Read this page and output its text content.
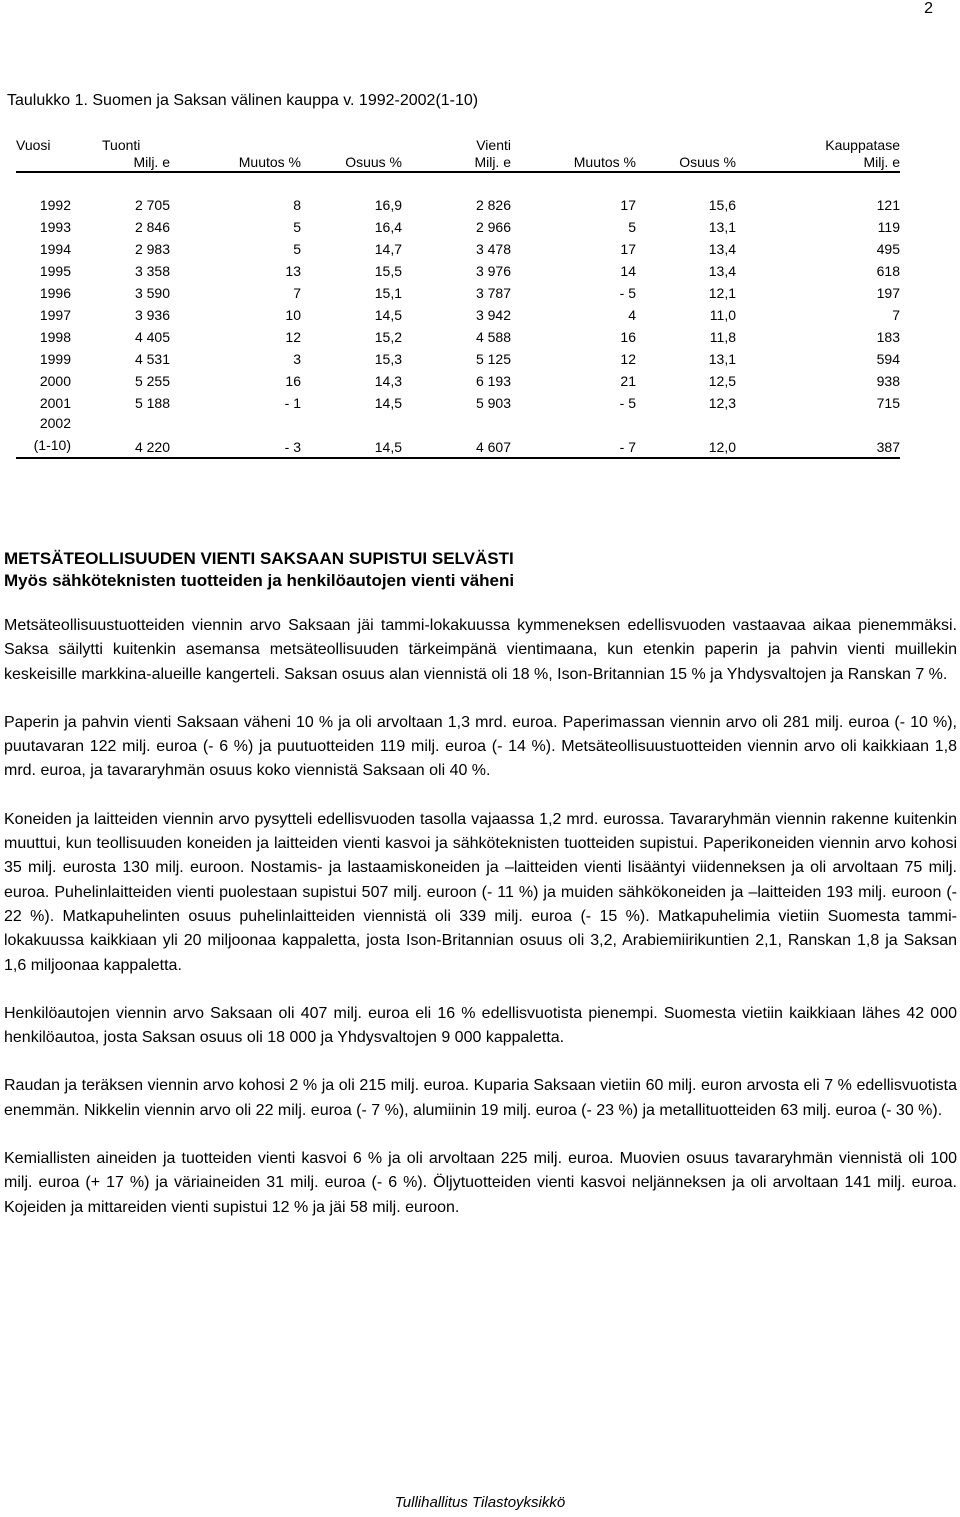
2
Taulukko 1. Suomen ja Saksan välinen kauppa v. 1992-2002(1-10)
Vuosi	Tuonti			Vienti			Kauppatase
	Milj. e	Muutos %	Osuus %	Milj. e	Muutos %	Osuus %	Milj. e

1992	2 705	8	16,9	2 826	17	15,6	121
1993	2 846	5	16,4	2 966	5	13,1	119
1994	2 983	5	14,7	3 478	17	13,4	495
1995	3 358	13	15,5	3 976	14	13,4	618
1996	3 590	7	15,1	3 787	- 5	12,1	197
1997	3 936	10	14,5	3 942	4	11,0	7
1998	4 405	12	15,2	4 588	16	11,8	183
1999	4 531	3	15,3	5 125	12	13,1	594
2000	5 255	16	14,3	6 193	21	12,5	938
2001	5 188	- 1	14,5	5 903	- 5	12,3	715

2002
(1-10)	4 220	- 3	14,5	4 607	- 7	12,0	387
METSÄTEOLLISUUDEN VIENTI SAKSAAN SUPISTUI SELVÄSTI
Myös sähköteknisten tuotteiden ja henkilöautojen vienti väheni

Metsäteollisuustuotteiden viennin arvo Saksaan jäi tammi-lokakuussa kymmeneksen edellisvuoden vastaavaa aikaa pienemmäksi. Saksa säilytti kuitenkin asemansa metsäteollisuuden tärkeimpänä vientimaana, kun etenkin paperin ja pahvin vienti muillekin keskeisille markkina-alueille kangerteli. Saksan osuus alan viennistä oli 18 %, Ison-Britannian 15 % ja Yhdysvaltojen ja Ranskan 7 %.

Paperin ja pahvin vienti Saksaan väheni 10 % ja oli arvoltaan 1,3 mrd. euroa. Paperimassan viennin arvo oli 281 milj. euroa (- 10 %), puutavaran 122 milj. euroa (- 6 %) ja puutuotteiden 119 milj. euroa (- 14 %). Metsäteollisuustuotteiden viennin arvo oli kaikkiaan 1,8 mrd. euroa, ja tavararyhmän osuus koko viennistä Saksaan oli 40 %.

Koneiden ja laitteiden viennin arvo pysytteli edellisvuoden tasolla vajaassa 1,2 mrd. eurossa. Tavararyhmän viennin rakenne kuitenkin muuttui, kun teollisuuden koneiden ja laitteiden vienti kasvoi ja sähköteknisten tuotteiden supistui. Paperikoneiden viennin arvo kohosi 35 milj. eurosta 130 milj. euroon. Nostamis- ja lastaamiskoneiden ja –laitteiden vienti lisääntyi viidenneksen ja oli arvoltaan 75 milj. euroa. Puhelinlaitteiden vienti puolestaan supistui 507 milj. euroon (- 11 %) ja muiden sähkökoneiden ja –laitteiden 193 milj. euroon (- 22 %). Matkapuhelinten osuus puhelinlaitteiden viennistä oli 339 milj. euroa (- 15 %). Matkapuhelimia vietiin Suomesta tammi-lokakuussa kaikkiaan yli 20 miljoonaa kappaletta, josta Ison-Britannian osuus oli 3,2, Arabiemiirikuntien 2,1, Ranskan 1,8 ja Saksan 1,6 miljoonaa kappaletta.

Henkilöautojen viennin arvo Saksaan oli 407 milj. euroa eli 16 % edellisvuotista pienempi. Suomesta vietiin kaikkiaan lähes 42 000 henkilöautoa, josta Saksan osuus oli 18 000 ja Yhdysvaltojen 9 000 kappaletta.

Raudan ja teräksen viennin arvo kohosi 2 % ja oli 215 milj. euroa. Kuparia Saksaan vietiin 60 milj. euron arvosta eli 7 % edellisvuotista enemmän. Nikkelin viennin arvo oli 22 milj. euroa (- 7 %), alumiinin 19 milj. euroa (- 23 %) ja metallituotteiden 63 milj. euroa (- 30 %).

Kemiallisten aineiden ja tuotteiden vienti kasvoi 6 % ja oli arvoltaan 225 milj. euroa. Muovien osuus tavararyhmän viennistä oli 100 milj. euroa (+ 17 %) ja väriaineiden 31 milj. euroa (- 6 %). Öljytuotteiden vienti kasvoi neljänneksen ja oli arvoltaan 141 milj. euroa. Kojeiden ja mittareiden vienti supistui 12 % ja jäi 58 milj. euroon.

Tullihallitus Tilastoyksikkö
